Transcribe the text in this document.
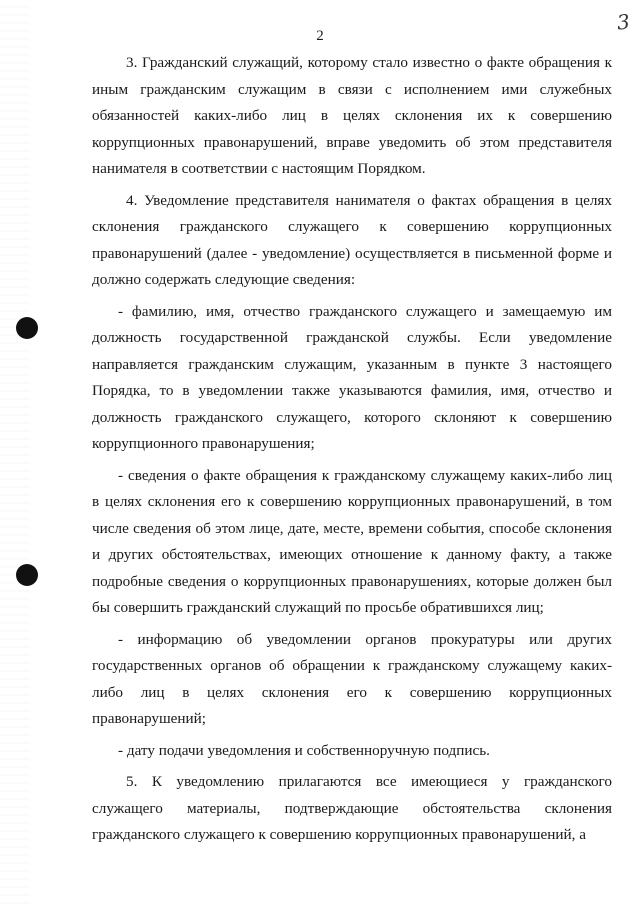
2
3

3. Гражданский служащий, которому стало известно о факте обращения к иным гражданским служащим в связи с исполнением ими служебных обязанностей каких-либо лиц в целях склонения их к совершению коррупционных правонарушений, вправе уведомить об этом представителя нанимателя в соответствии с настоящим Порядком.

4. Уведомление представителя нанимателя о фактах обращения в целях склонения гражданского служащего к совершению коррупционных правонарушений (далее - уведомление) осуществляется в письменной форме и должно содержать следующие сведения:

- фамилию, имя, отчество гражданского служащего и замещаемую им должность государственной гражданской службы. Если уведомление направляется гражданским служащим, указанным в пункте 3 настоящего Порядка, то в уведомлении также указываются фамилия, имя, отчество и должность гражданского служащего, которого склоняют к совершению коррупционного правонарушения;

- сведения о факте обращения к гражданскому служащему каких-либо лиц в целях склонения его к совершению коррупционных правонарушений, в том числе сведения об этом лице, дате, месте, времени события, способе склонения и других обстоятельствах, имеющих отношение к данному факту, а также подробные сведения о коррупционных правонарушениях, которые должен был бы совершить гражданский служащий по просьбе обратившихся лиц;

- информацию об уведомлении органов прокуратуры или других государственных органов об обращении к гражданскому служащему каких-либо лиц в целях склонения его к совершению коррупционных правонарушений;

- дату подачи уведомления и собственноручную подпись.

5. К уведомлению прилагаются все имеющиеся у гражданского служащего материалы, подтверждающие обстоятельства склонения гражданского служащего к совершению коррупционных правонарушений, а
